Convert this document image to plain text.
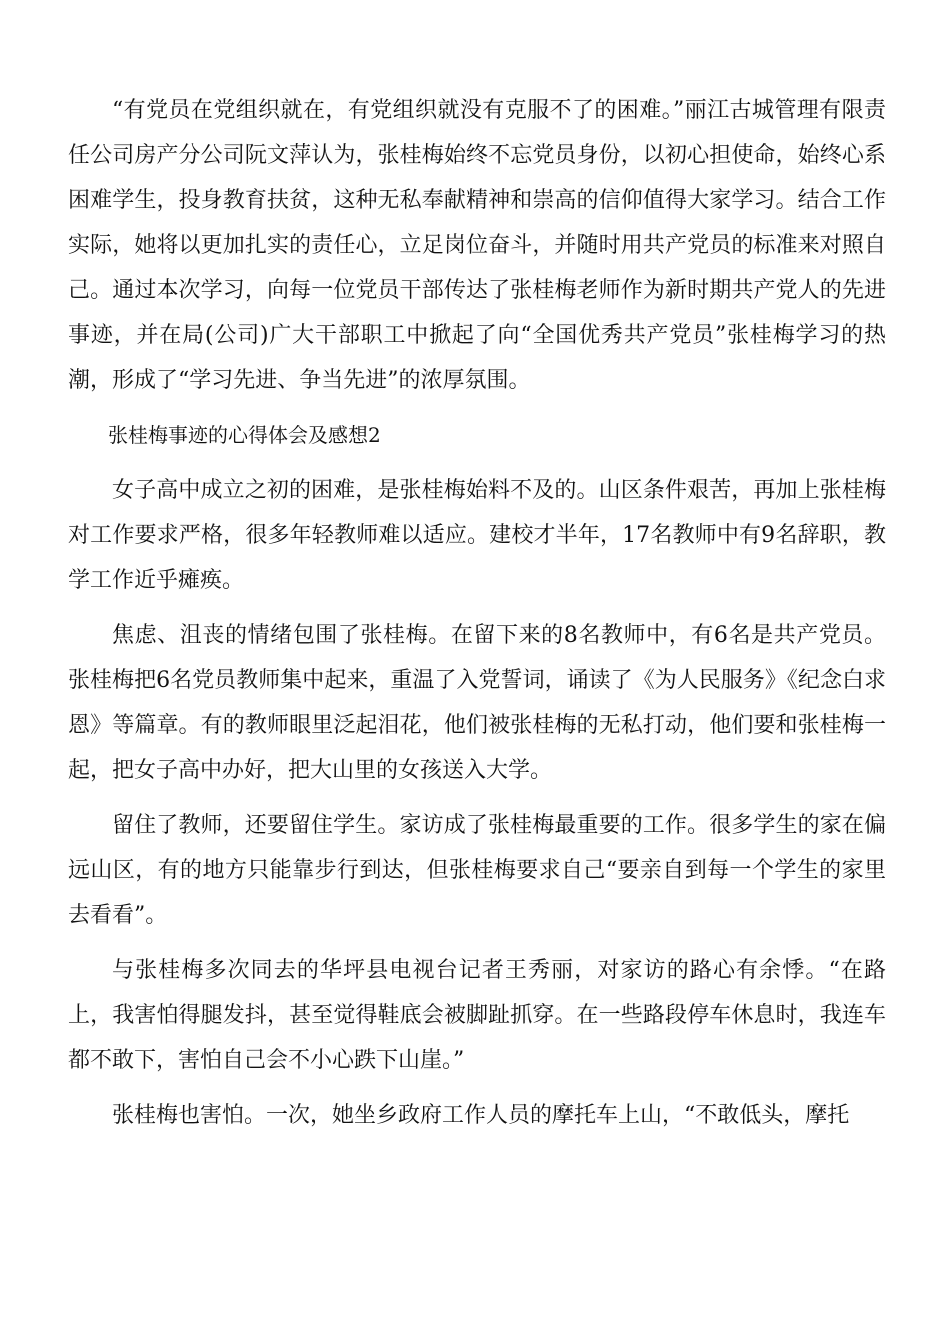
“有党员在党组织就在，有党组织就没有克服不了的困难。”丽江古城管理有限责任公司房产分公司阮文萍认为，张桂梅始终不忘党员身份，以初心担使命，始终心系困难学生，投身教育扶贫，这种无私奉献精神和崇高的信仰值得大家学习。结合工作实际，她将以更加扎实的责任心，立足岗位奋斗，并随时用共产党员的标准来对照自己。通过本次学习，向每一位党员干部传达了张桂梅老师作为新时期共产党人的先进事迹，并在局(公司)广大干部职工中掀起了向“全国优秀共产党员”张桂梅学习的热潮，形成了“学习先进、争当先进”的浓厚氛围。

张桂梅事迹的心得体会及感想2

女子高中成立之初的困难，是张桂梅始料不及的。山区条件艰苦，再加上张桂梅对工作要求严格，很多年轻教师难以适应。建校才半年，17名教师中有9名辞职，教学工作近乎瘫痪。

焦虑、沮丧的情绪包围了张桂梅。在留下来的8名教师中，有6名是共产党员。张桂梅把6名党员教师集中起来，重温了入党誓词，诵读了《为人民服务》《纪念白求恩》等篇章。有的教师眼里泛起泪花，他们被张桂梅的无私打动，他们要和张桂梅一起，把女子高中办好，把大山里的女孩送入大学。

留住了教师，还要留住学生。家访成了张桂梅最重要的工作。很多学生的家在偏远山区，有的地方只能靠步行到达，但张桂梅要求自己“要亲自到每一个学生的家里去看看”。

与张桂梅多次同去的华坪县电视台记者王秀丽，对家访的路心有余悸。“在路上，我害怕得腿发抖，甚至觉得鞋底会被脚趾抓穿。在一些路段停车休息时，我连车都不敢下，害怕自己会不小心跌下山崖。”

张桂梅也害怕。一次，她坐乡政府工作人员的摩托车上山，“不敢低头，摩托
